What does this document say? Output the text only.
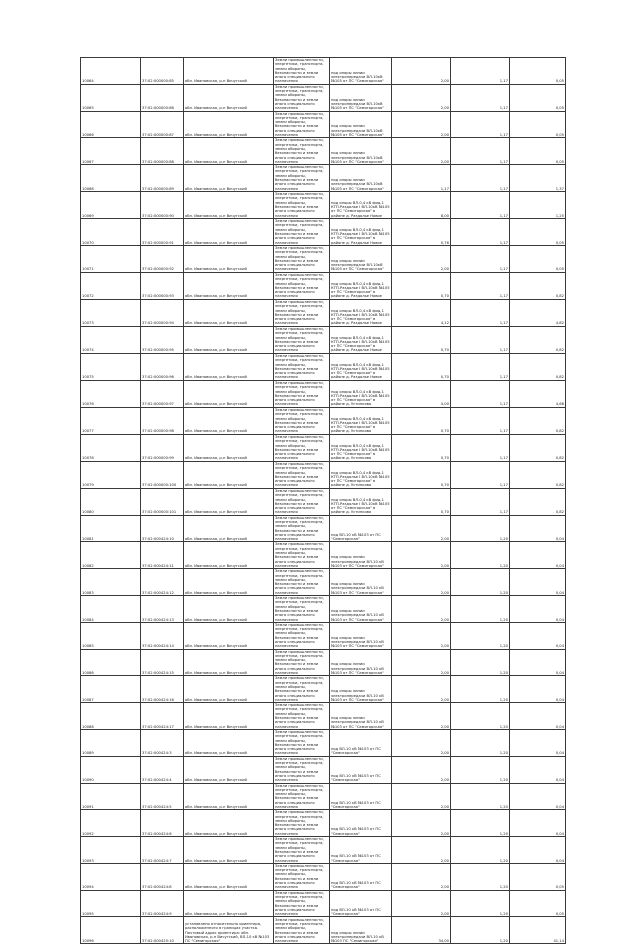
10064	37:02:000000:85	обл. Ивановская, р-н Вичугский	Земли промышленности, энергетики, транспорта, земли обороны, безопасности и земли иного специального назначения	под опоры линии электропередачи ВЛ-10кВ №105 от ПС "Семигорская"	2,00	1,17	0,05
10065	37:02:000000:86	обл. Ивановская, р-н Вичугский	Земли промышленности, энергетики, транспорта, земли обороны, безопасности и земли иного специального назначения	под опоры линии электропередачи ВЛ-10кВ №105 от ПС "Семигорская"	2,00	1,17	0,05
10066	37:02:000000:87	обл. Ивановская, р-н Вичугский	Земли промышленности, энергетики, транспорта, земли обороны, безопасности и земли иного специального назначения	под опоры линии электропередачи ВЛ-10кВ №105 от ПС "Семигорская"	2,00	1,17	0,05
10067	37:02:000000:88	обл. Ивановская, р-н Вичугский	Земли промышленности, энергетики, транспорта, земли обороны, безопасности и земли иного специального назначения	под опоры линии электропередачи ВЛ-10кВ №105 от ПС "Семигорская"	2,00	1,17	0,05
10068	37:02:000000:89	обл. Ивановская, р-н Вичугский	Земли промышленности, энергетики, транспорта, земли обороны, безопасности и земли иного специального назначения	под опоры линии электропередачи ВЛ-10кВ №105 от ПС "Семигорская"	1,17	1,17	1,37
10069	37:02:000000:90	обл. Ивановская, р-н Вичугский	Земли промышленности, энергетики, транспорта, земли обороны, безопасности и земли иного специального назначения	под опоры ВЛ-0,4 кВ фид.1 КТП-Раздолье I ВЛ-10кВ №105 от ПС "Семигорская" в районе д. Раздолье Новое	8,00	1,17	1,25
10070	37:02:000000:91	обл. Ивановская, р-н Вичугский	Земли промышленности, энергетики, транспорта, земли обороны, безопасности и земли иного специального назначения	под опоры ВЛ-0,4 кВ фид.1 КТП-Раздолье I ВЛ-10кВ №105 от ПС "Семигорская" в районе д. Раздолье Новое	0,76	1,17	0,05
10071	37:02:000000:92	обл. Ивановская, р-н Вичугский	Земли промышленности, энергетики, транспорта, земли обороны, безопасности и земли иного специального назначения	под опоры линии электропередачи ВЛ-10кВ №105 от ПС "Семигорская"	2,00	1,17	0,05
10072	37:02:000000:93	обл. Ивановская, р-н Вичугский	Земли промышленности, энергетики, транспорта, земли обороны, безопасности и земли иного специального назначения	под опоры ВЛ-0,4 кВ фид.1 КТП-Раздолье I ВЛ-10кВ №105 от ПС "Семигорская" в районе д. Раздолье Новое	0,70	1,17	0,82
10073	37:02:000000:94	обл. Ивановская, р-н Вичугский	Земли промышленности, энергетики, транспорта, земли обороны, безопасности и земли иного специального назначения	под опоры ВЛ-0,4 кВ фид.1 КТП-Раздолье I ВЛ-10кВ №105 от ПС "Семигорская" в районе д. Раздолье Новое	4,12	1,17	4,82
10074	37:02:000000:95	обл. Ивановская, р-н Вичугский	Земли промышленности, энергетики, транспорта, земли обороны, безопасности и земли иного специального назначения	под опоры ВЛ-0,4 кВ фид.1 КТП-Раздолье I ВЛ-10кВ №105 от ПС "Семигорская" в районе д. Раздолье Новое	0,70	1,17	0,82
10075	37:02:000000:96	обл. Ивановская, р-н Вичугский	Земли промышленности, энергетики, транспорта, земли обороны, безопасности и земли иного специального назначения	под опоры ВЛ-0,4 кВ фид.1 КТП-Раздолье I ВЛ-10кВ №105 от ПС "Семигорская" в районе д. Раздолье Новое	0,70	1,17	0,82
10076	37:02:000000:97	обл. Ивановская, р-н Вичугский	Земли промышленности, энергетики, транспорта, земли обороны, безопасности и земли иного специального назначения	под опоры ВЛ-0,4 кВ фид.1 КТП-Раздолье I ВЛ-10кВ №105 от ПС "Семигорская" в районе д. Устинково	4,00	1,17	4,68
10077	37:02:000000:98	обл. Ивановская, р-н Вичугский	Земли промышленности, энергетики, транспорта, земли обороны, безопасности и земли иного специального назначения	под опоры ВЛ-0,4 кВ фид.1 КТП-Раздолье I ВЛ-10кВ №105 от ПС "Семигорская" в районе д. Устинково	0,70	1,17	0,82
10078	37:02:000000:99	обл. Ивановская, р-н Вичугский	Земли промышленности, энергетики, транспорта, земли обороны, безопасности и земли иного специального назначения	под опоры ВЛ-0,4 кВ фид.1 КТП-Раздолье I ВЛ-10кВ №105 от ПС "Семигорская" в районе д. Устинково	0,70	1,17	0,82
10079	37:02:000000:100	обл. Ивановская, р-н Вичугский	Земли промышленности, энергетики, транспорта, земли обороны, безопасности и земли иного специального назначения	под опоры ВЛ-0,4 кВ фид.1 КТП-Раздолье I ВЛ-10кВ №105 от ПС "Семигорская" в районе д. Устинково	0,70	1,17	0,82
10080	37:02:000000:101	обл. Ивановская, р-н Вичугский	Земли промышленности, энергетики, транспорта, земли обороны, безопасности и земли иного специального назначения	под опоры ВЛ-0,4 кВ фид.1 КТП-Раздолье I ВЛ-10кВ №105 от ПС "Семигорская" в районе д. Устинково	0,70	1,17	0,82
10081	37:02:000424:10	обл. Ивановская, р-н Вичугский	Земли промышленности, энергетики, транспорта, земли обороны, безопасности и земли иного специального назначения	под ВЛ-10 кВ №103 от ПС "Семигорская"	2,00	1,20	0,04
10082	37:02:000424:11	обл. Ивановская, р-н Вичугский	Земли промышленности, энергетики, транспорта, земли обороны, безопасности и земли иного специального назначения	под опоры линии электропередачи ВЛ-10 кВ №103 от ПС "Семигорская"	2,00	1,20	0,04
10083	37:02:000424:12	обл. Ивановская, р-н Вичугский	Земли промышленности, энергетики, транспорта, земли обороны, безопасности и земли иного специального назначения	под опоры линии электропередачи ВЛ-10 кВ №103 от ПС "Семигорская"	2,00	1,20	0,04
10084	37:02:000424:13	обл. Ивановская, р-н Вичугский	Земли промышленности, энергетики, транспорта, земли обороны, безопасности и земли иного специального назначения	под опоры линии электропередачи ВЛ-10 кВ №103 от ПС "Семигорская"	2,00	1,20	0,04
10085	37:02:000424:14	обл. Ивановская, р-н Вичугский	Земли промышленности, энергетики, транспорта, земли обороны, безопасности и земли иного специального назначения	под опоры линии электропередачи ВЛ-10 кВ №103 от ПС "Семигорская"	2,00	1,20	0,04
10086	37:02:000424:15	обл. Ивановская, р-н Вичугский	Земли промышленности, энергетики, транспорта, земли обороны, безопасности и земли иного специального назначения	под опоры линии электропередачи ВЛ-10 кВ №103 от ПС "Семигорская"	2,00	1,20	0,04
10087	37:02:000424:16	обл. Ивановская, р-н Вичугский	Земли промышленности, энергетики, транспорта, земли обороны, безопасности и земли иного специального назначения	под опоры линии электропередачи ВЛ-10 кВ №103 от ПС "Семигорская"	2,00	1,20	0,04
10088	37:02:000424:17	обл. Ивановская, р-н Вичугский	Земли промышленности, энергетики, транспорта, земли обороны, безопасности и земли иного специального назначения	под опоры линии электропередачи ВЛ-10 кВ №103 от ПС "Семигорская"	2,00	1,20	0,04
10089	37:02:000424:3	обл. Ивановская, р-н Вичугский	Земли промышленности, энергетики, транспорта, земли обороны, безопасности и земли иного специального назначения	под ВЛ-10 кВ №103 от ПС "Семигорская"	2,00	1,20	0,04
10090	37:02:000424:4	обл. Ивановская, р-н Вичугский	Земли промышленности, энергетики, транспорта, земли обороны, безопасности и земли иного специального назначения	под ВЛ-10 кВ №103 от ПС "Семигорская"	2,00	1,20	0,04
10091	37:02:000424:5	обл. Ивановская, р-н Вичугский	Земли промышленности, энергетики, транспорта, земли обороны, безопасности и земли иного специального назначения	под ВЛ-10 кВ №103 от ПС "Семигорская"	2,00	1,20	0,04
10092	37:02:000424:6	обл. Ивановская, р-н Вичугский	Земли промышленности, энергетики, транспорта, земли обороны, безопасности и земли иного специального назначения	под ВЛ-10 кВ №103 от ПС "Семигорская"	2,00	1,20	0,04
10093	37:02:000424:7	обл. Ивановская, р-н Вичугский	Земли промышленности, энергетики, транспорта, земли обороны, безопасности и земли иного специального назначения	под ВЛ-10 кВ №103 от ПС "Семигорская"	2,00	1,20	0,04
10094	37:02:000424:8	обл. Ивановская, р-н Вичугский	Земли промышленности, энергетики, транспорта, земли обороны, безопасности и земли иного специального назначения	под ВЛ-10 кВ №103 от ПС "Семигорская"	2,00	1,20	0,05
10095	37:02:000424:9	обл. Ивановская, р-н Вичугский	Земли промышленности, энергетики, транспорта, земли обороны, безопасности и земли иного специального назначения	под ВЛ-10 кВ №103 от ПС "Семигорская"	2,00	1,20	0,05
10096	37:02:000425:10	установлено относительно ориентира, расположенного в границах участка. Почтовый адрес ориентира: обл. Ивановская, р-н Вичугский, ВЛ-10 кВ №103 ПС "Семигорская"	Земли промышленности, энергетики, транспорта, земли обороны, безопасности и земли иного специального назначения	под опоры линии электропередачи ВЛ-10 кВ №103 ПС "Семигорская"	34,00	1,20	41,14
